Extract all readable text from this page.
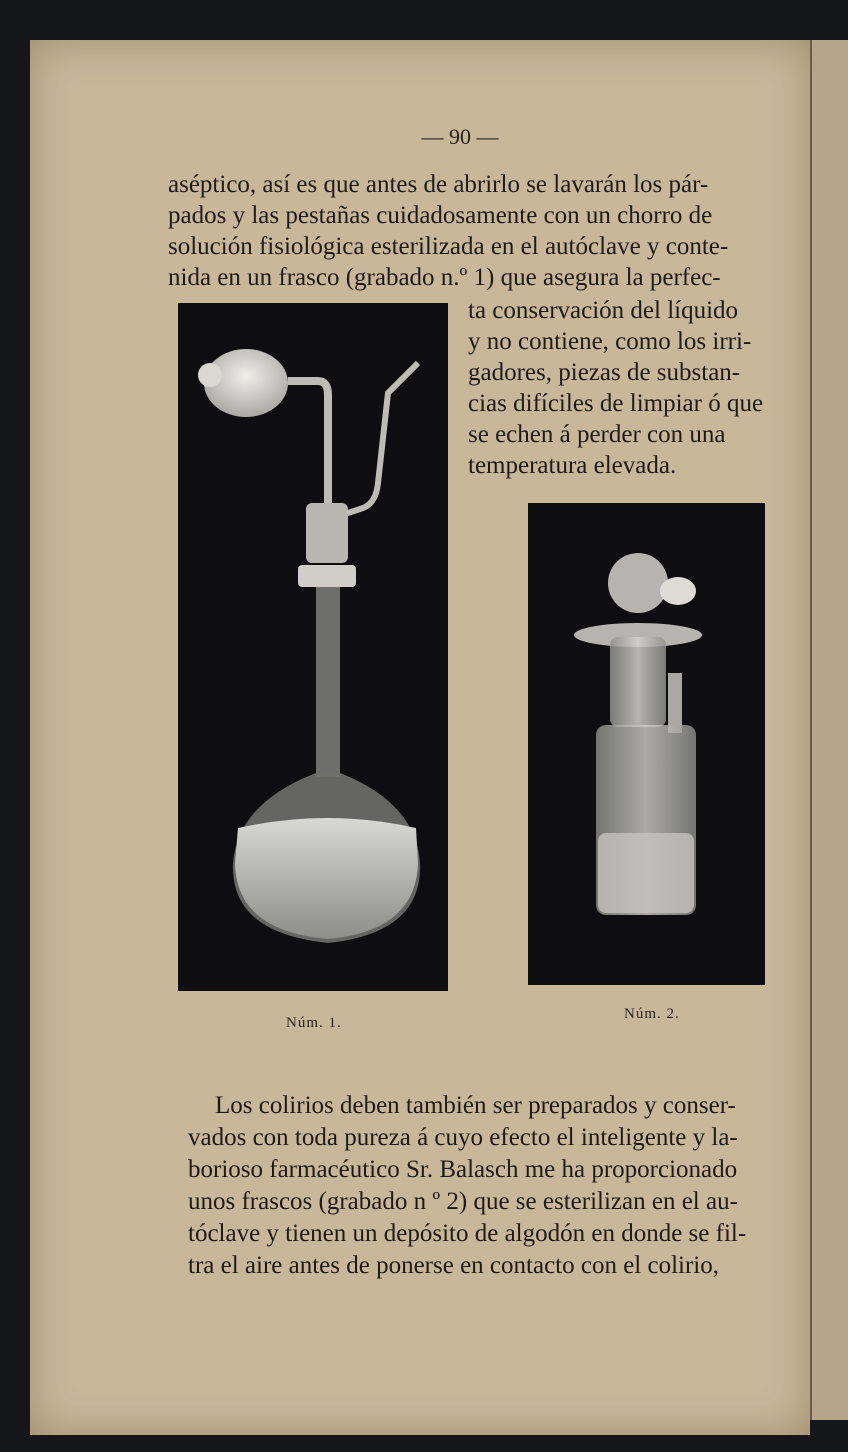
— 90 —
aséptico, así es que antes de abrirlo se lavarán los pár-
pados y las pestañas cuidadosamente con un chorro de
solución fisiológica esterilizada en el autóclave y conte-
nida en un frasco (grabado n.º 1) que asegura la perfec-
ta conservación del líquido
y no contiene, como los irri-
gadores, piezas de substan-
cias difíciles de limpiar ó que
se echen á perder con una
temperatura elevada.
Núm. 1.
Núm. 2.
Los colirios deben también ser preparados y conser-
vados con toda pureza á cuyo efecto el inteligente y la-
borioso farmacéutico Sr. Balasch me ha proporcionado
unos frascos (grabado n º 2) que se esterilizan en el au-
tóclave y tienen un depósito de algodón en donde se fil-
tra el aire antes de ponerse en contacto con el colirio,
